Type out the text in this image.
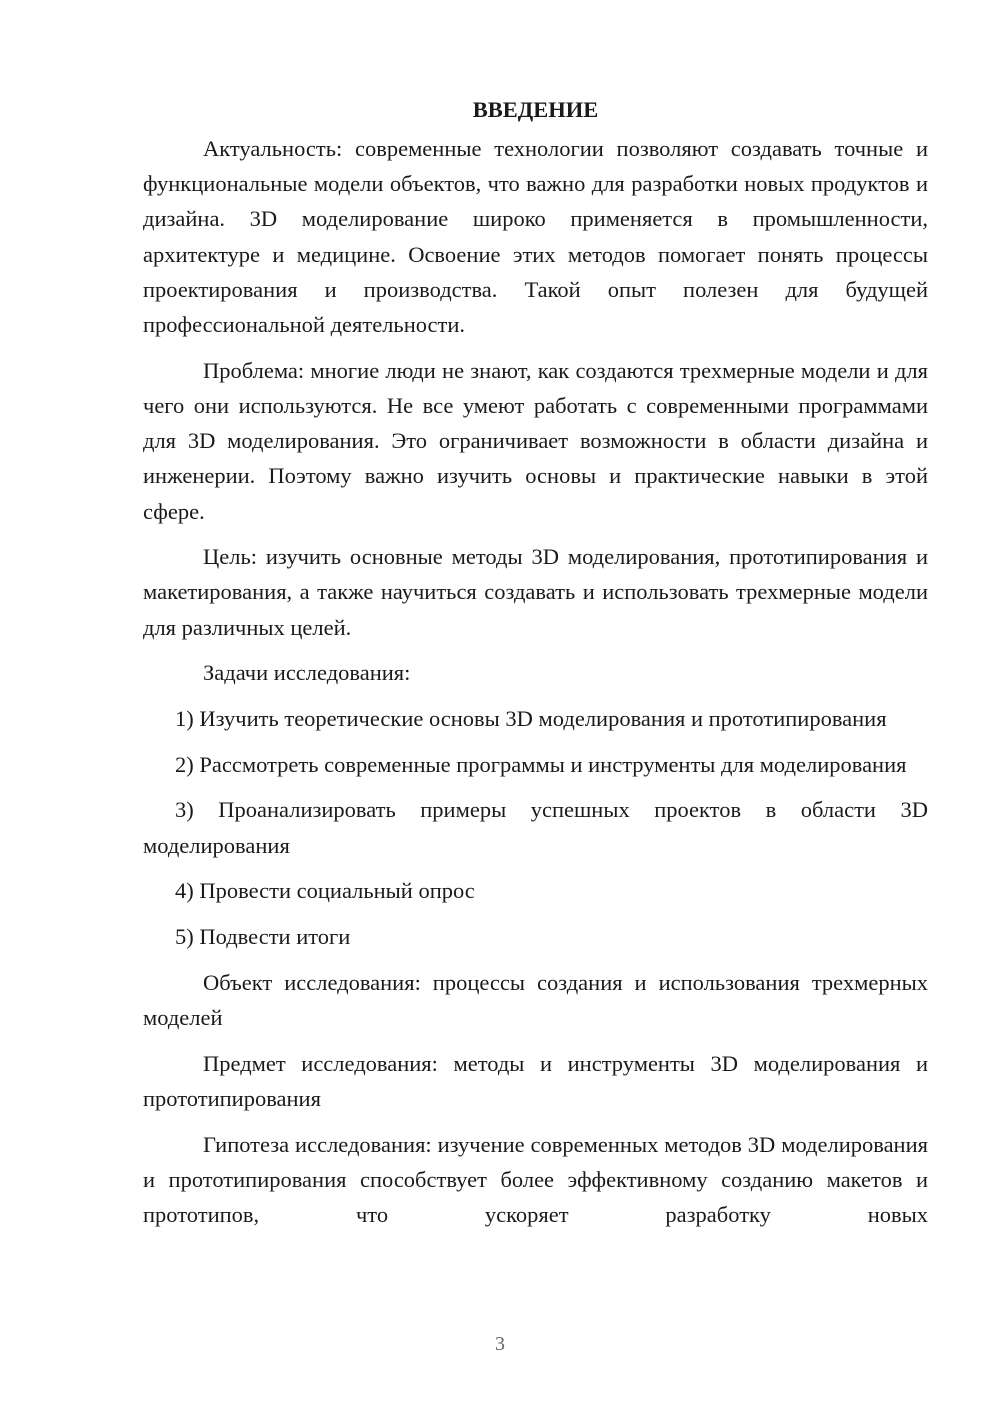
ВВЕДЕНИЕ

Актуальность: современные технологии позволяют создавать точные и функциональные модели объектов, что важно для разработки новых продуктов и дизайна. 3D моделирование широко применяется в промышленности, архитектуре и медицине. Освоение этих методов помогает понять процессы проектирования и производства. Такой опыт полезен для будущей профессиональной деятельности.

Проблема: многие люди не знают, как создаются трехмерные модели и для чего они используются. Не все умеют работать с современными программами для 3D моделирования. Это ограничивает возможности в области дизайна и инженерии. Поэтому важно изучить основы и практические навыки в этой сфере.

Цель: изучить основные методы 3D моделирования, прототипирования и макетирования, а также научиться создавать и использовать трехмерные модели для различных целей.

Задачи исследования:

1) Изучить теоретические основы 3D моделирования и прототипирования

2) Рассмотреть современные программы и инструменты для моделирования

3) Проанализировать примеры успешных проектов в области 3D моделирования

4) Провести социальный опрос

5) Подвести итоги

Объект исследования: процессы создания и использования трехмерных моделей

Предмет исследования: методы и инструменты 3D моделирования и прототипирования

Гипотеза исследования: изучение современных методов 3D моделирования и прототипирования способствует более эффективному созданию макетов и прототипов, что ускоряет разработку новых

3
